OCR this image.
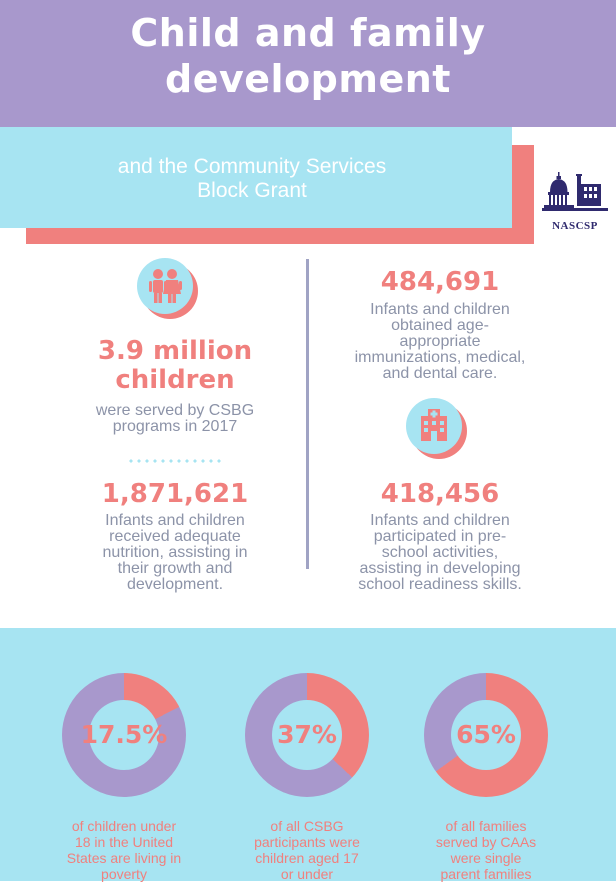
Child and family
development
and the Community Services
Block Grant
NASCSP
3.9 million
children
were served by CSBG
programs in 2017
1,871,621
Infants and children
received adequate
nutrition, assisting in
their growth and
development.
484,691
Infants and children
obtained age-
appropriate
immunizations, medical,
and dental care.
418,456
Infants and children
participated in pre-
school activities,
assisting in developing
school readiness skills.
17.5%
of children under
18 in the United
States are living in
poverty
37%
of all CSBG
participants were
children aged 17
or under
65%
of all families
served by CAAs
were single
parent families
